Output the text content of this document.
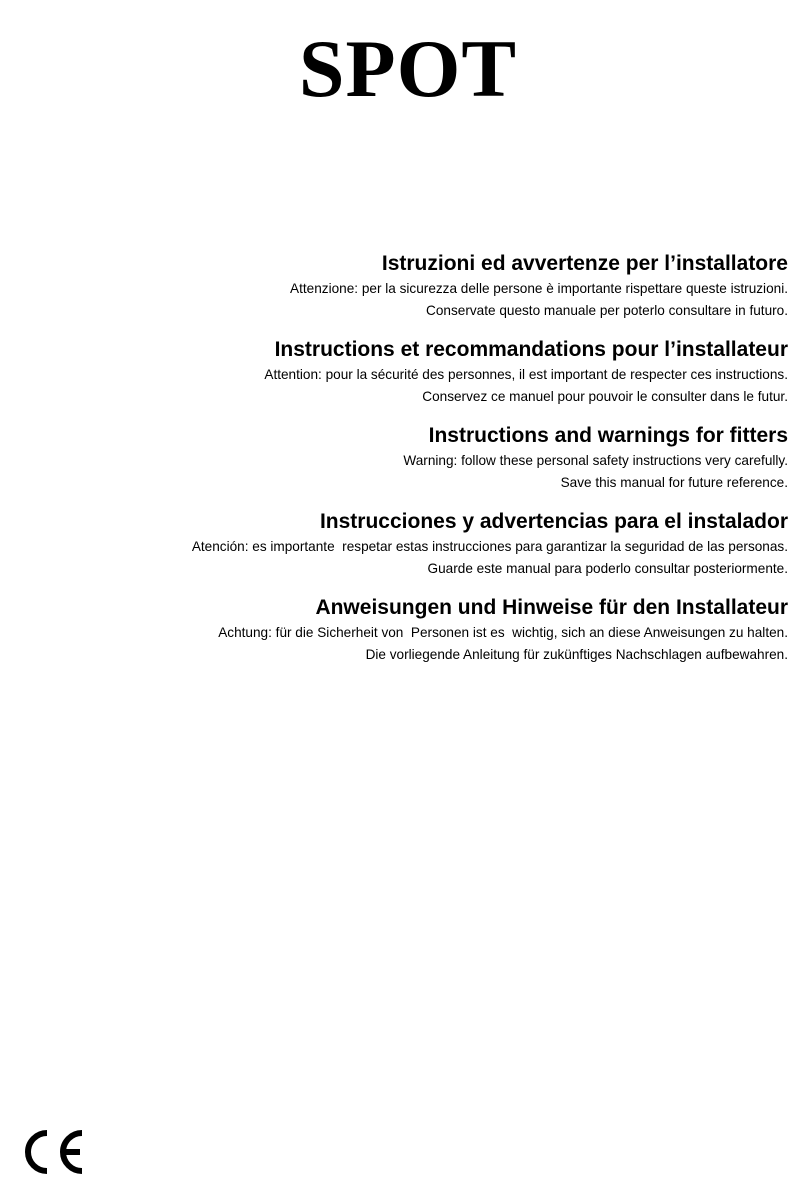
SPOT
Istruzioni ed avvertenze per l’installatore

Attenzione: per la sicurezza delle persone è importante rispettare queste istruzioni.

Conservate questo manuale per poterlo consultare in futuro.

Instructions et recommandations pour l’installateur

Attention: pour la sécurité des personnes, il est important de respecter ces instructions.

Conservez ce manuel pour pouvoir le consulter dans le futur.

Instructions and warnings for fitters

Warning: follow these personal safety instructions very carefully.

Save this manual for future reference.

Instrucciones y advertencias para el instalador

Atención: es importante  respetar estas instrucciones para garantizar la seguridad de las personas.

Guarde este manual para poderlo consultar posteriormente.

Anweisungen und Hinweise für den Installateur

Achtung: für die Sicherheit von  Personen ist es  wichtig, sich an diese Anweisungen zu halten.

Die vorliegende Anleitung für zukünftiges Nachschlagen aufbewahren.
